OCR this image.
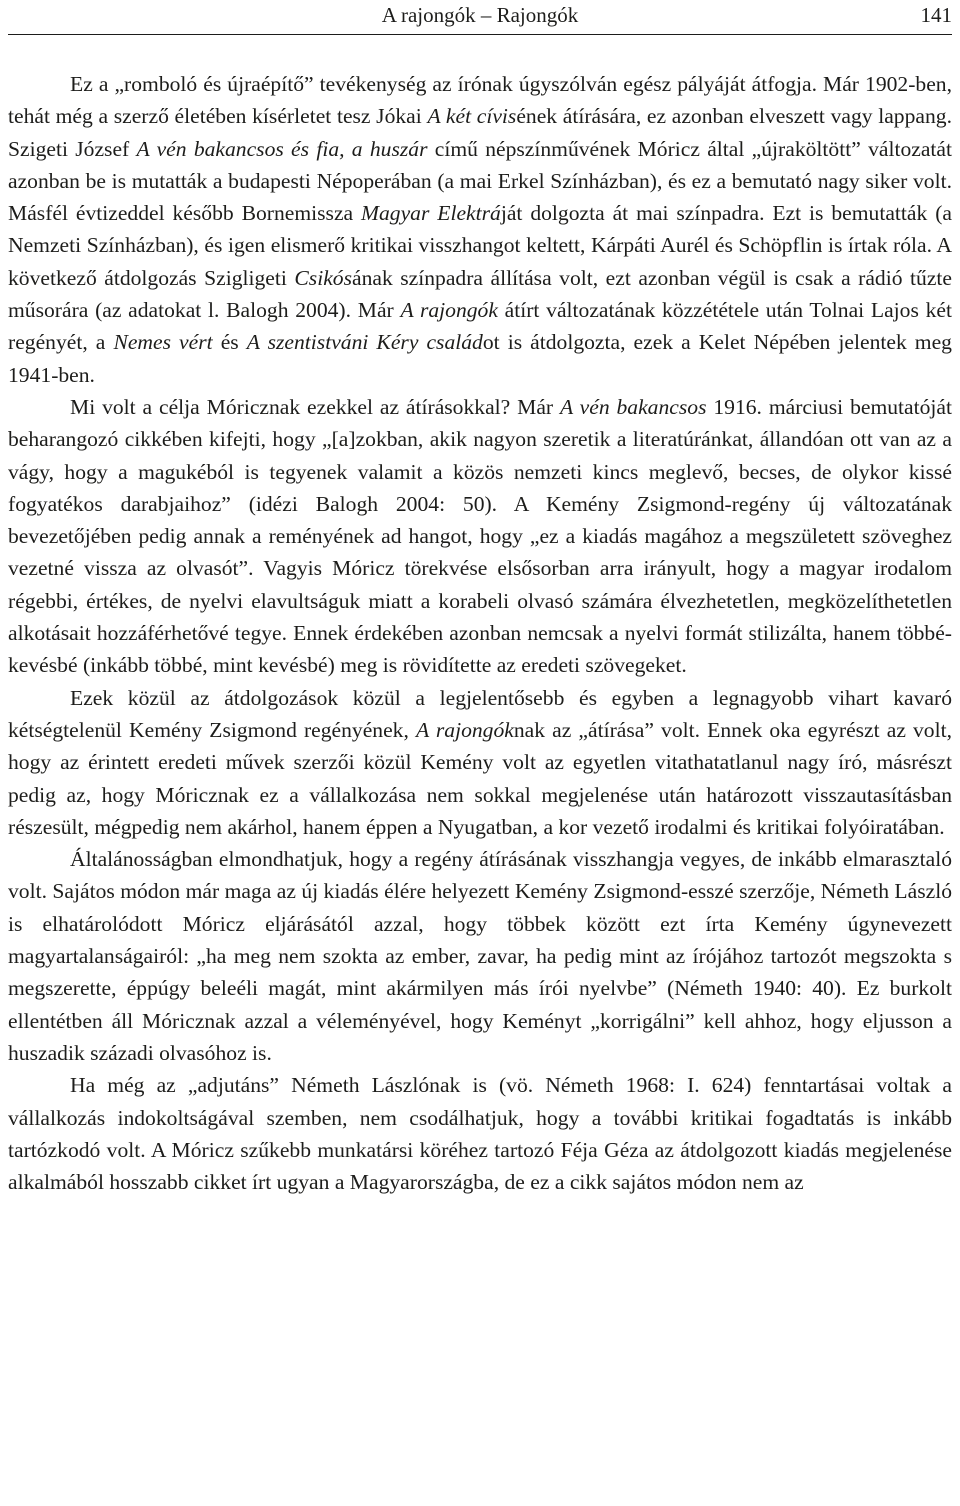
A rajongók – Rajongók	141

Ez a „romboló és újraépítő” tevékenység az írónak úgyszólván egész pályáját átfogja. Már 1902-ben, tehát még a szerző életében kísérletet tesz Jókai A két cívisének átírására, ez azonban elveszett vagy lappang. Szigeti József A vén bakancsos és fia, a huszár című népszínművének Móricz által „újraköltött” változatát azonban be is mutatták a budapesti Népoperában (a mai Erkel Színházban), és ez a bemutató nagy siker volt. Másfél évtizeddel később Bornemissza Magyar Elektráját dolgozta át mai színpadra. Ezt is bemutatták (a Nemzeti Színházban), és igen elismerő kritikai visszhangot keltett, Kárpáti Aurél és Schöpflin is írtak róla. A következő átdolgozás Szigligeti Csikósának színpadra állítása volt, ezt azonban végül is csak a rádió tűzte műsorára (az adatokat l. Balogh 2004). Már A rajongók átírt változatának közzététele után Tolnai Lajos két regényét, a Nemes vért és A szentistváni Kéry családot is átdolgozta, ezek a Kelet Népében jelentek meg 1941-ben.

Mi volt a célja Móricznak ezekkel az átírásokkal? Már A vén bakancsos 1916. márciusi bemutatóját beharangozó cikkében kifejti, hogy „[a]zokban, akik nagyon szeretik a literatúránkat, állandóan ott van az a vágy, hogy a magukéból is tegyenek valamit a közös nemzeti kincs meglevő, becses, de olykor kissé fogyatékos darabjaihoz” (idézi Balogh 2004: 50). A Kemény Zsigmond-regény új változatának bevezetőjében pedig annak a reményének ad hangot, hogy „ez a kiadás magához a megszületett szöveghez vezetné vissza az olvasót”. Vagyis Móricz törekvése elsősorban arra irányult, hogy a magyar irodalom régebbi, értékes, de nyelvi elavultságuk miatt a korabeli olvasó számára élvezhetetlen, megközelíthetetlen alkotásait hozzáférhetővé tegye. Ennek érdekében azonban nemcsak a nyelvi formát stilizálta, hanem többé-kevésbé (inkább többé, mint kevésbé) meg is rövidítette az eredeti szövegeket.

Ezek közül az átdolgozások közül a legjelentősebb és egyben a legnagyobb vihart kavaró kétségtelenül Kemény Zsigmond regényének, A rajongóknak az „átírása” volt. Ennek oka egyrészt az volt, hogy az érintett eredeti művek szerzői közül Kemény volt az egyetlen vitathatatlanul nagy író, másrészt pedig az, hogy Móricznak ez a vállalkozása nem sokkal megjelenése után határozott visszautasításban részesült, mégpedig nem akárhol, hanem éppen a Nyugatban, a kor vezető irodalmi és kritikai folyóiratában.

Általánosságban elmondhatjuk, hogy a regény átírásának visszhangja vegyes, de inkább elmarasztaló volt. Sajátos módon már maga az új kiadás élére helyezett Kemény Zsigmond-esszé szerzője, Németh László is elhatárolódott Móricz eljárásától azzal, hogy többek között ezt írta Kemény úgynevezett magyartalanságairól: „ha meg nem szokta az ember, zavar, ha pedig mint az írójához tartozót megszokta s megszerette, éppúgy beleéli magát, mint akármilyen más írói nyelvbe” (Németh 1940: 40). Ez burkolt ellentétben áll Móricznak azzal a véleményével, hogy Keményt „korrigálni” kell ahhoz, hogy eljusson a huszadik századi olvasóhoz is.

Ha még az „adjutáns” Németh Lászlónak is (vö. Németh 1968: I. 624) fenntartásai voltak a vállalkozás indokoltságával szemben, nem csodálhatjuk, hogy a további kritikai fogadtatás is inkább tartózkodó volt. A Móricz szűkebb munkatársi köréhez tartozó Féja Géza az átdolgozott kiadás megjelenése alkalmából hosszabb cikket írt ugyan a Magyarországba, de ez a cikk sajátos módon nem az
